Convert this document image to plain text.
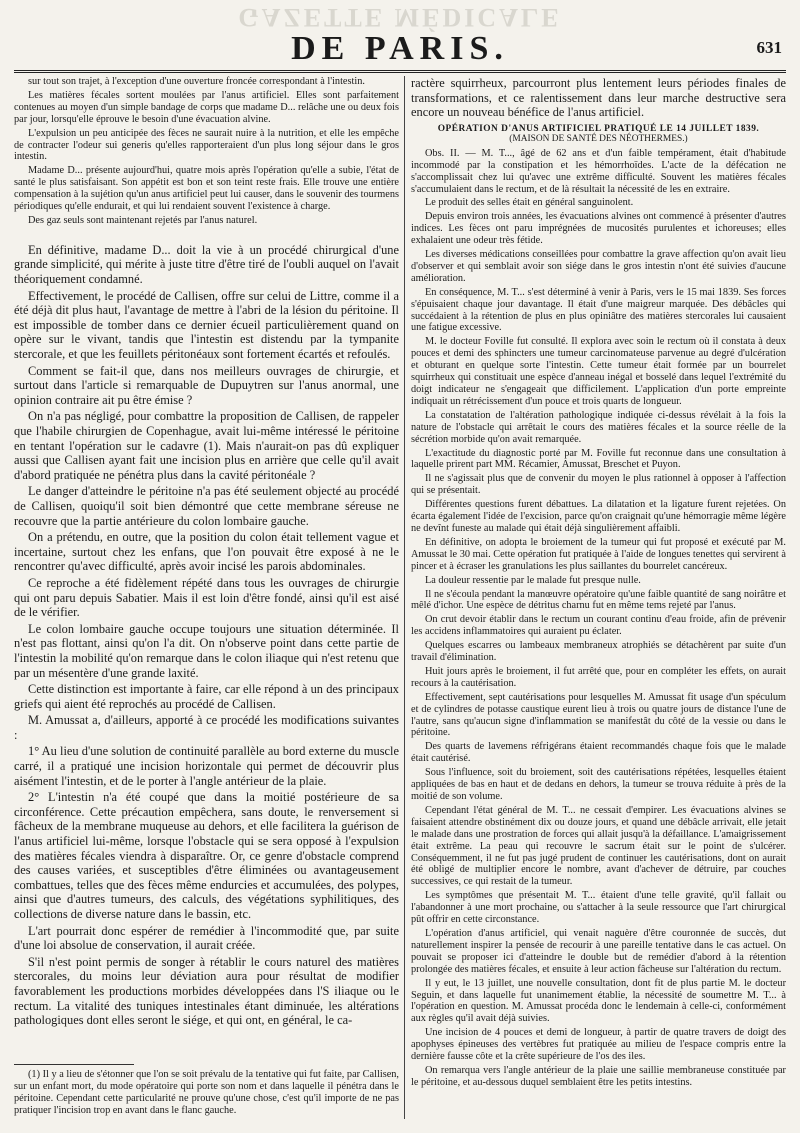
GAZETTE MÉDICALE
DE PARIS.	631

sur tout son trajet, à l'exception d'une ouverture froncée correspondant à l'intestin.

Les matières fécales sortent moulées par l'anus artificiel. Elles sont parfaitement contenues au moyen d'un simple bandage de corps que madame D... relâche une ou deux fois par jour, lorsqu'elle éprouve le besoin d'une évacuation alvine.

L'expulsion un peu anticipée des fèces ne saurait nuire à la nutrition, et elle les empêche de contracter l'odeur sui generis qu'elles rapporteraient d'un plus long séjour dans le gros intestin.

Madame D... présente aujourd'hui, quatre mois après l'opération qu'elle a subie, l'état de santé le plus satisfaisant. Son appétit est bon et son teint reste frais. Elle trouve une entière compensation à la sujétion qu'un anus artificiel peut lui causer, dans le souvenir des tourmens périodiques qu'elle endurait, et qui lui rendaient souvent l'existence à charge.

Des gaz seuls sont maintenant rejetés par l'anus naturel.

En définitive, madame D... doit la vie à un procédé chirurgical d'une grande simplicité, qui mérite à juste titre d'être tiré de l'oubli auquel on l'avait théoriquement condamné.

Effectivement, le procédé de Callisen, offre sur celui de Littre, comme il a été déjà dit plus haut, l'avantage de mettre à l'abri de la lésion du péritoine. Il est impossible de tomber dans ce dernier écueil particulièrement quand on opère sur le vivant, tandis que l'intestin est distendu par la tympanite stercorale, et que les feuillets péritonéaux sont fortement écartés et refoulés.

Comment se fait-il que, dans nos meilleurs ouvrages de chirurgie, et surtout dans l'article si remarquable de Dupuytren sur l'anus anormal, une opinion contraire ait pu être émise ?

On n'a pas négligé, pour combattre la proposition de Callisen, de rappeler que l'habile chirurgien de Copenhague, avait lui-même intéressé le péritoine en tentant l'opération sur le cadavre (1). Mais n'aurait-on pas dû expliquer aussi que Callisen ayant fait une incision plus en arrière que celle qu'il avait d'abord pratiquée ne pénétra plus dans la cavité péritonéale ?

Le danger d'atteindre le péritoine n'a pas été seulement objecté au procédé de Callisen, quoiqu'il soit bien démontré que cette membrane séreuse ne recouvre que la partie antérieure du colon lombaire gauche.

On a prétendu, en outre, que la position du colon était tellement vague et incertaine, surtout chez les enfans, que l'on pouvait être exposé à ne le rencontrer qu'avec difficulté, après avoir incisé les parois abdominales.

Ce reproche a été fidèlement répété dans tous les ouvrages de chirurgie qui ont paru depuis Sabatier. Mais il est loin d'être fondé, ainsi qu'il est aisé de le vérifier.

Le colon lombaire gauche occupe toujours une situation déterminée. Il n'est pas flottant, ainsi qu'on l'a dit. On n'observe point dans cette partie de l'intestin la mobilité qu'on remarque dans le colon iliaque qui n'est retenu que par un mésentère d'une grande laxité.

Cette distinction est importante à faire, car elle répond à un des principaux griefs qui aient été reprochés au procédé de Callisen.

M. Amussat a, d'ailleurs, apporté à ce procédé les modifications suivantes :

1° Au lieu d'une solution de continuité parallèle au bord externe du muscle carré, il a pratiqué une incision horizontale qui permet de découvrir plus aisément l'intestin, et de le porter à l'angle antérieur de la plaie.

2° L'intestin n'a été coupé que dans la moitié postérieure de sa circonférence. Cette précaution empêchera, sans doute, le renversement si fâcheux de la membrane muqueuse au dehors, et elle facilitera la guérison de l'anus artificiel lui-même, lorsque l'obstacle qui se sera opposé à l'expulsion des matières fécales viendra à disparaître. Or, ce genre d'obstacle comprend des causes variées, et susceptibles d'être éliminées ou avantageusement combattues, telles que des fèces même endurcies et accumulées, des polypes, ainsi que d'autres tumeurs, des calculs, des végétations syphilitiques, des collections de diverse nature dans le bassin, etc.

L'art pourrait donc espérer de remédier à l'incommodité que, par suite d'une loi absolue de conservation, il aurait créée.

S'il n'est point permis de songer à rétablir le cours naturel des matières stercorales, du moins leur déviation aura pour résultat de modifier favorablement les productions morbides développées dans l'S iliaque ou le rectum. La vitalité des tuniques intestinales étant diminuée, les altérations pathologiques dont elles seront le siége, et qui ont, en général, le ca-

(1) Il y a lieu de s'étonner que l'on se soit prévalu de la tentative qui fut faite, par Callisen, sur un enfant mort, du mode opératoire qui porte son nom et dans laquelle il pénétra dans le péritoine. Cependant cette particularité ne prouve qu'une chose, c'est qu'il importe de ne pas pratiquer l'incision trop en avant dans le flanc gauche.

ractère squirrheux, parcourront plus lentement leurs périodes finales de transformations, et ce ralentissement dans leur marche destructive sera encore un nouveau bénéfice de l'anus artificiel.

OPÉRATION D'ANUS ARTIFICIEL PRATIQUÉ LE 14 JUILLET 1839.

(MAISON DE SANTÉ DES NÉOTHERMES.)

Obs. II. — M. T..., âgé de 62 ans et d'un faible tempérament, était d'habitude incommodé par la constipation et les hémorrhoïdes. L'acte de la défécation ne s'accomplissait chez lui qu'avec une extrême difficulté. Souvent les matières fécales s'accumulaient dans le rectum, et de là résultait la nécessité de les en extraire.

Le produit des selles était en général sanguinolent.

Depuis environ trois années, les évacuations alvines ont commencé à présenter d'autres indices. Les fèces ont paru imprégnées de mucosités purulentes et ichoreuses; elles exhalaient une odeur très fétide.

Les diverses médications conseillées pour combattre la grave affection qu'on avait lieu d'observer et qui semblait avoir son siége dans le gros intestin n'ont été suivies d'aucune amélioration.

En conséquence, M. T... s'est déterminé à venir à Paris, vers le 15 mai 1839. Ses forces s'épuisaient chaque jour davantage. Il était d'une maigreur marquée. Des débâcles qui succédaient à la rétention de plus en plus opiniâtre des matières stercorales lui causaient une fatigue excessive.

M. le docteur Foville fut consulté. Il explora avec soin le rectum où il constata à deux pouces et demi des sphincters une tumeur carcinomateuse parvenue au degré d'ulcération et obturant en quelque sorte l'intestin. Cette tumeur était formée par un bourrelet squirrheux qui constituait une espèce d'anneau inégal et bosselé dans lequel l'extrémité du doigt indicateur ne s'engageait que difficilement. L'application d'un porte empreinte indiquait un rétrécissement d'un pouce et trois quarts de longueur.

La constatation de l'altération pathologique indiquée ci-dessus révélait à la fois la nature de l'obstacle qui arrêtait le cours des matières fécales et la source réelle de la sécrétion morbide qu'on avait remarquée.

L'exactitude du diagnostic porté par M. Foville fut reconnue dans une consultation à laquelle prirent part MM. Récamier, Amussat, Breschet et Puyon.

Il ne s'agissait plus que de convenir du moyen le plus rationnel à opposer à l'affection qui se présentait.

Différentes questions furent débattues. La dilatation et la ligature furent rejetées. On écarta également l'idée de l'excision, parce qu'on craignait qu'une hémorragie même légère ne devînt funeste au malade qui était déjà singulièrement affaibli.

En définitive, on adopta le broiement de la tumeur qui fut proposé et exécuté par M. Amussat le 30 mai. Cette opération fut pratiquée à l'aide de longues tenettes qui servirent à pincer et à écraser les granulations les plus saillantes du bourrelet cancéreux.

La douleur ressentie par le malade fut presque nulle.

Il ne s'écoula pendant la manœuvre opératoire qu'une faible quantité de sang noirâtre et mêlé d'ichor. Une espèce de détritus charnu fut en même tems rejeté par l'anus.

On crut devoir établir dans le rectum un courant continu d'eau froide, afin de prévenir les accidens inflammatoires qui auraient pu éclater.

Quelques escarres ou lambeaux membraneux atrophiés se détachèrent par suite d'un travail d'élimination.

Huit jours après le broiement, il fut arrêté que, pour en compléter les effets, on aurait recours à la cautérisation.

Effectivement, sept cautérisations pour lesquelles M. Amussat fit usage d'un spéculum et de cylindres de potasse caustique eurent lieu à trois ou quatre jours de distance l'une de l'autre, sans qu'aucun signe d'inflammation se manifestât du côté de la vessie ou dans le péritoine.

Des quarts de lavemens réfrigérans étaient recommandés chaque fois que le malade était cautérisé.

Sous l'influence, soit du broiement, soit des cautérisations répétées, lesquelles étaient appliquées de bas en haut et de dedans en dehors, la tumeur se trouva réduite à près de la moitié de son volume.

Cependant l'état général de M. T... ne cessait d'empirer. Les évacuations alvines se faisaient attendre obstinément dix ou douze jours, et quand une débâcle arrivait, elle jetait le malade dans une prostration de forces qui allait jusqu'à la défaillance. L'amaigrissement était extrême. La peau qui recouvre le sacrum était sur le point de s'ulcérer. Conséquemment, il ne fut pas jugé prudent de continuer les cautérisations, dont on aurait été obligé de multiplier encore le nombre, avant d'achever de détruire, par couches successives, ce qui restait de la tumeur.

Les symptômes que présentait M. T... étaient d'une telle gravité, qu'il fallait ou l'abandonner à une mort prochaine, ou s'attacher à la seule ressource que l'art chirurgical pût offrir en cette circonstance.

L'opération d'anus artificiel, qui venait naguère d'être couronnée de succès, dut naturellement inspirer la pensée de recourir à une pareille tentative dans le cas actuel. On pouvait se proposer ici d'atteindre le double but de remédier d'abord à la rétention prolongée des matières fécales, et ensuite à leur action fâcheuse sur l'altération du rectum.

Il y eut, le 13 juillet, une nouvelle consultation, dont fit de plus partie M. le docteur Seguin, et dans laquelle fut unanimement établie, la nécessité de soumettre M. T... à l'opération en question. M. Amussat procéda donc le lendemain à celle-ci, conformément aux règles qu'il avait déjà suivies.

Une incision de 4 pouces et demi de longueur, à partir de quatre travers de doigt des apophyses épineuses des vertèbres fut pratiquée au milieu de l'espace compris entre la dernière fausse côte et la crête supérieure de l'os des iles.

On remarqua vers l'angle antérieur de la plaie une saillie membraneuse constituée par le péritoine, et au-dessous duquel semblaient être les petits intestins.
